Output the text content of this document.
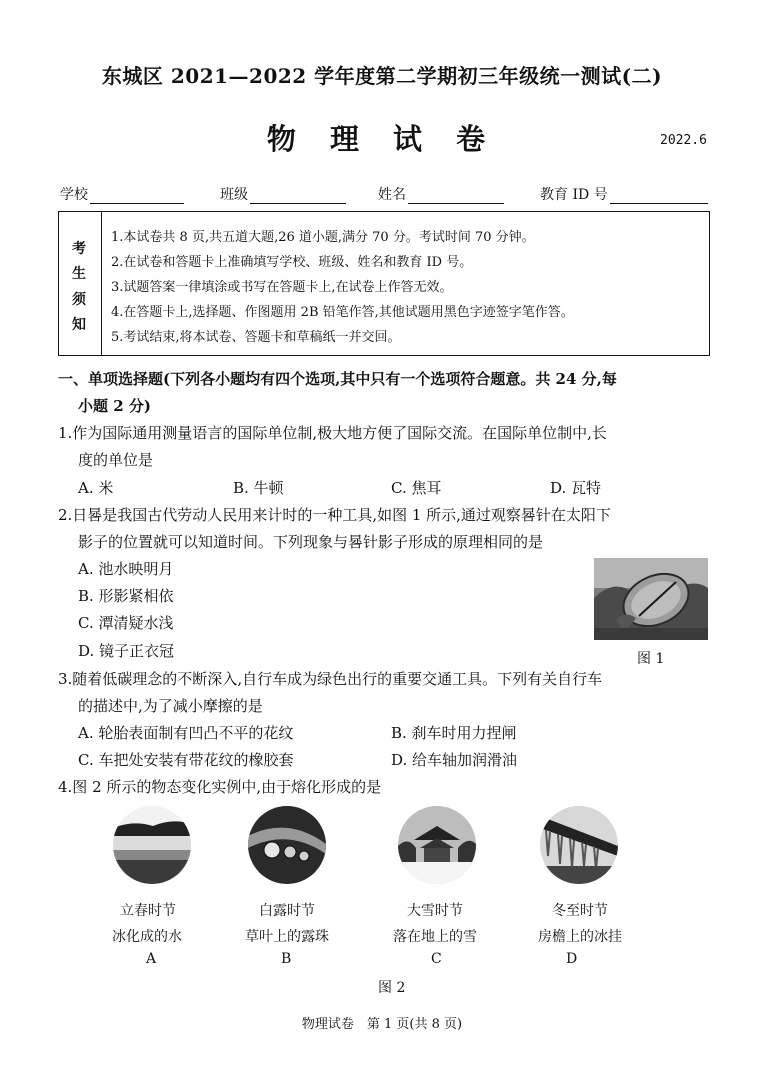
东城区 2021—2022 学年度第二学期初三年级统一测试(二)
物 理 试 卷	2022.6
学校	班级	姓名	教育 ID 号
考
生
须
知
1.本试卷共 8 页,共五道大题,26 道小题,满分 70 分。考试时间 70 分钟。
2.在试卷和答题卡上准确填写学校、班级、姓名和教育 ID 号。
3.试题答案一律填涂或书写在答题卡上,在试卷上作答无效。
4.在答题卡上,选择题、作图题用 2B 铅笔作答,其他试题用黑色字迹签字笔作答。
5.考试结束,将本试卷、答题卡和草稿纸一并交回。
一、单项选择题(下列各小题均有四个选项,其中只有一个选项符合题意。共 24 分,每
小题 2 分)
1.作为国际通用测量语言的国际单位制,极大地方便了国际交流。在国际单位制中,长
度的单位是
A. 米	B. 牛顿	C. 焦耳	D. 瓦特
2.日晷是我国古代劳动人民用来计时的一种工具,如图 1 所示,通过观察晷针在太阳下
影子的位置就可以知道时间。下列现象与晷针影子形成的原理相同的是
A. 池水映明月
B. 形影紧相依
C. 潭清疑水浅
D. 镜子正衣冠	图 1
3.随着低碳理念的不断深入,自行车成为绿色出行的重要交通工具。下列有关自行车
的描述中,为了减小摩擦的是
A. 轮胎表面制有凹凸不平的花纹	B. 刹车时用力捏闸
C. 车把处安装有带花纹的橡胶套	D. 给车轴加润滑油
4.图 2 所示的物态变化实例中,由于熔化形成的是
立春时节
冰化成的水
A
白露时节
草叶上的露珠
B
大雪时节
落在地上的雪
C
冬至时节
房檐上的冰挂
D
图 2
物理试卷　第 1 页(共 8 页)
